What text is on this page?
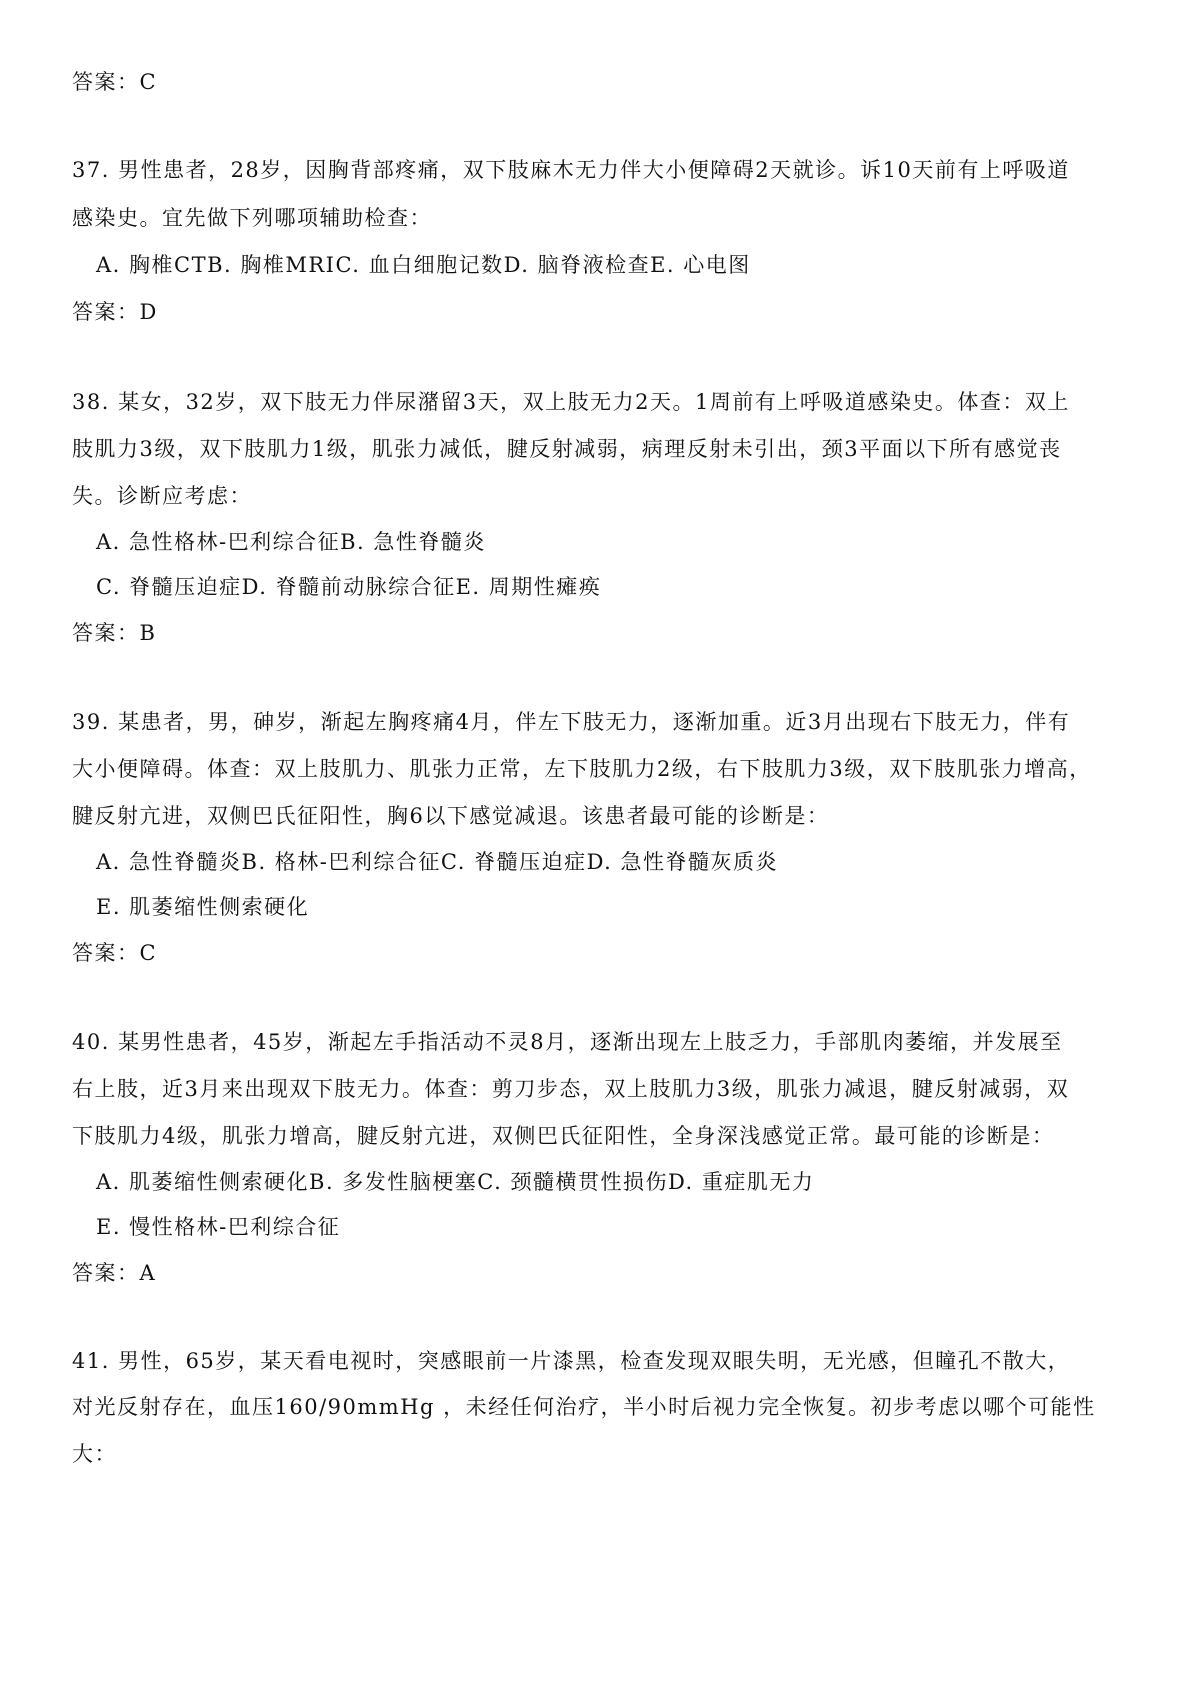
答案：C
37. 男性患者，28岁，因胸背部疼痛，双下肢麻木无力伴大小便障碍2天就诊。诉10天前有上呼吸道
感染史。宜先做下列哪项辅助检查：
A. 胸椎CTB. 胸椎MRIC. 血白细胞记数D. 脑脊液检查E. 心电图
答案：D
38. 某女，32岁，双下肢无力伴尿潴留3天，双上肢无力2天。1周前有上呼吸道感染史。体查：双上
肢肌力3级，双下肢肌力1级，肌张力减低，腱反射减弱，病理反射未引出，颈3平面以下所有感觉丧
失。诊断应考虑：
A. 急性格林-巴利综合征B. 急性脊髓炎
C. 脊髓压迫症D. 脊髓前动脉综合征E. 周期性瘫痪
答案：B
39. 某患者，男，砷岁，渐起左胸疼痛4月，伴左下肢无力，逐渐加重。近3月出现右下肢无力，伴有
大小便障碍。体查：双上肢肌力、肌张力正常，左下肢肌力2级，右下肢肌力3级，双下肢肌张力增高，
腱反射亢进，双侧巴氏征阳性，胸6以下感觉减退。该患者最可能的诊断是：
A. 急性脊髓炎B. 格林-巴利综合征C. 脊髓压迫症D. 急性脊髓灰质炎
E. 肌萎缩性侧索硬化
答案：C
40. 某男性患者，45岁，渐起左手指活动不灵8月，逐渐出现左上肢乏力，手部肌肉萎缩，并发展至
右上肢，近3月来出现双下肢无力。体查：剪刀步态，双上肢肌力3级，肌张力减退，腱反射减弱，双
下肢肌力4级，肌张力增高，腱反射亢进，双侧巴氏征阳性，全身深浅感觉正常。最可能的诊断是：
A. 肌萎缩性侧索硬化B. 多发性脑梗塞C. 颈髓横贯性损伤D. 重症肌无力
E. 慢性格林-巴利综合征
答案：A
41. 男性，65岁，某天看电视时，突感眼前一片漆黑，检查发现双眼失明，无光感，但瞳孔不散大，
对光反射存在，血压160/90mmHg ，未经任何治疗，半小时后视力完全恢复。初步考虑以哪个可能性
大：
